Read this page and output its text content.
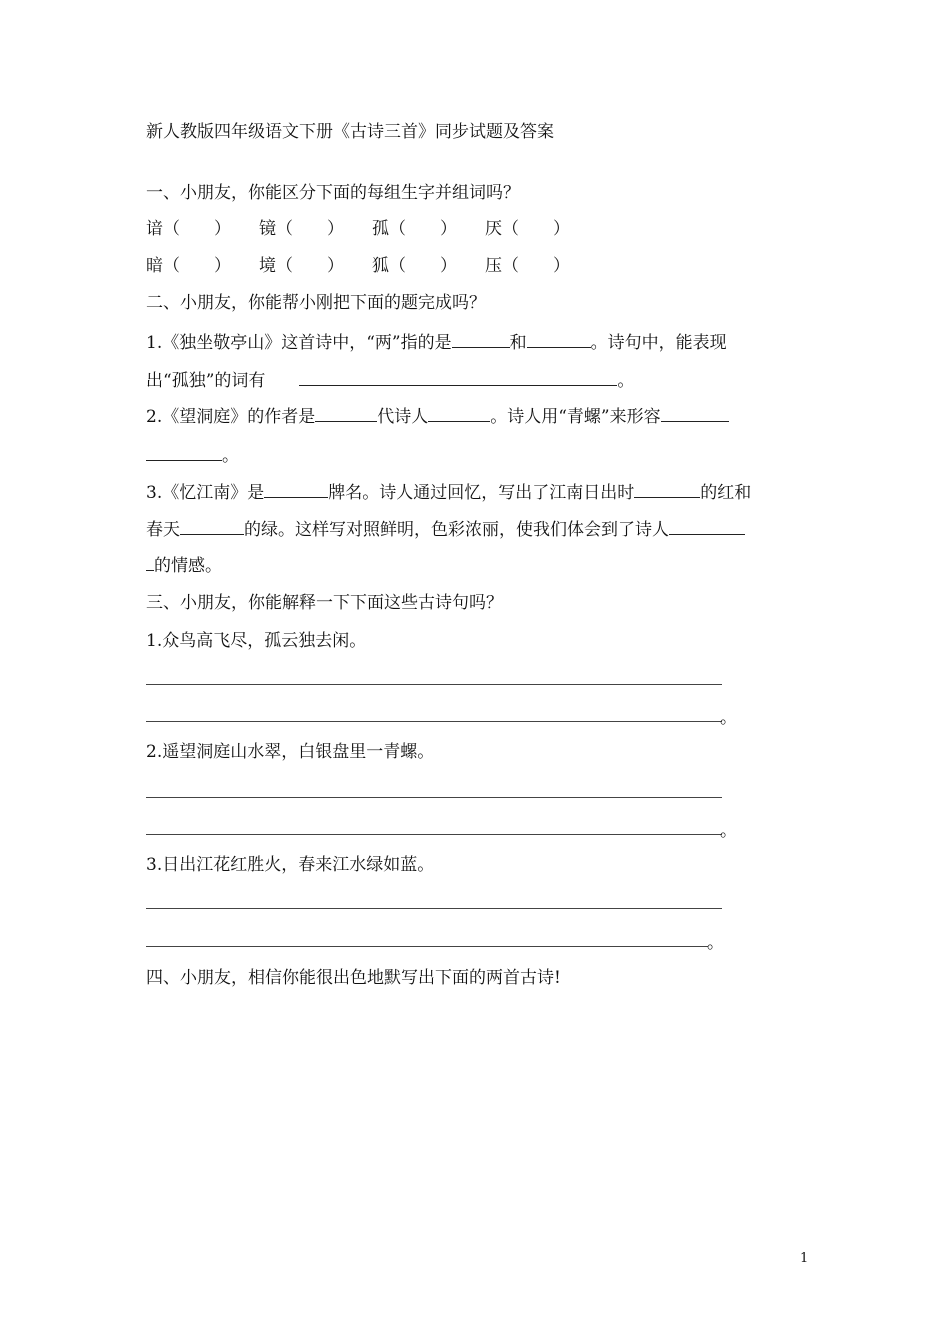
新人教版四年级语文下册《古诗三首》同步试题及答案
一、小朋友，你能区分下面的每组生字并组词吗？
谙（　　） 镜（　　） 孤（　　） 厌（　　）
暗（　　） 境（　　） 狐（　　） 压（　　）
二、小朋友，你能帮小刚把下面的题完成吗？
1.《独坐敬亭山》这首诗中，“两”指的是	和	。诗句中，能表现
出“孤独”的词有	。
2.《望洞庭》的作者是	代诗人	。诗人用“青螺”来形容
。
3.《忆江南》是	牌名。诗人通过回忆，写出了江南日出时	的红和
春天	的绿。这样写对照鲜明，色彩浓丽，使我们体会到了诗人
的情感。
三、小朋友，你能解释一下下面这些古诗句吗？
1.众鸟高飞尽，孤云独去闲。
。
2.遥望洞庭山水翠，白银盘里一青螺。
。
3.日出江花红胜火，春来江水绿如蓝。
。
四、小朋友，相信你能很出色地默写出下面的两首古诗!
1
